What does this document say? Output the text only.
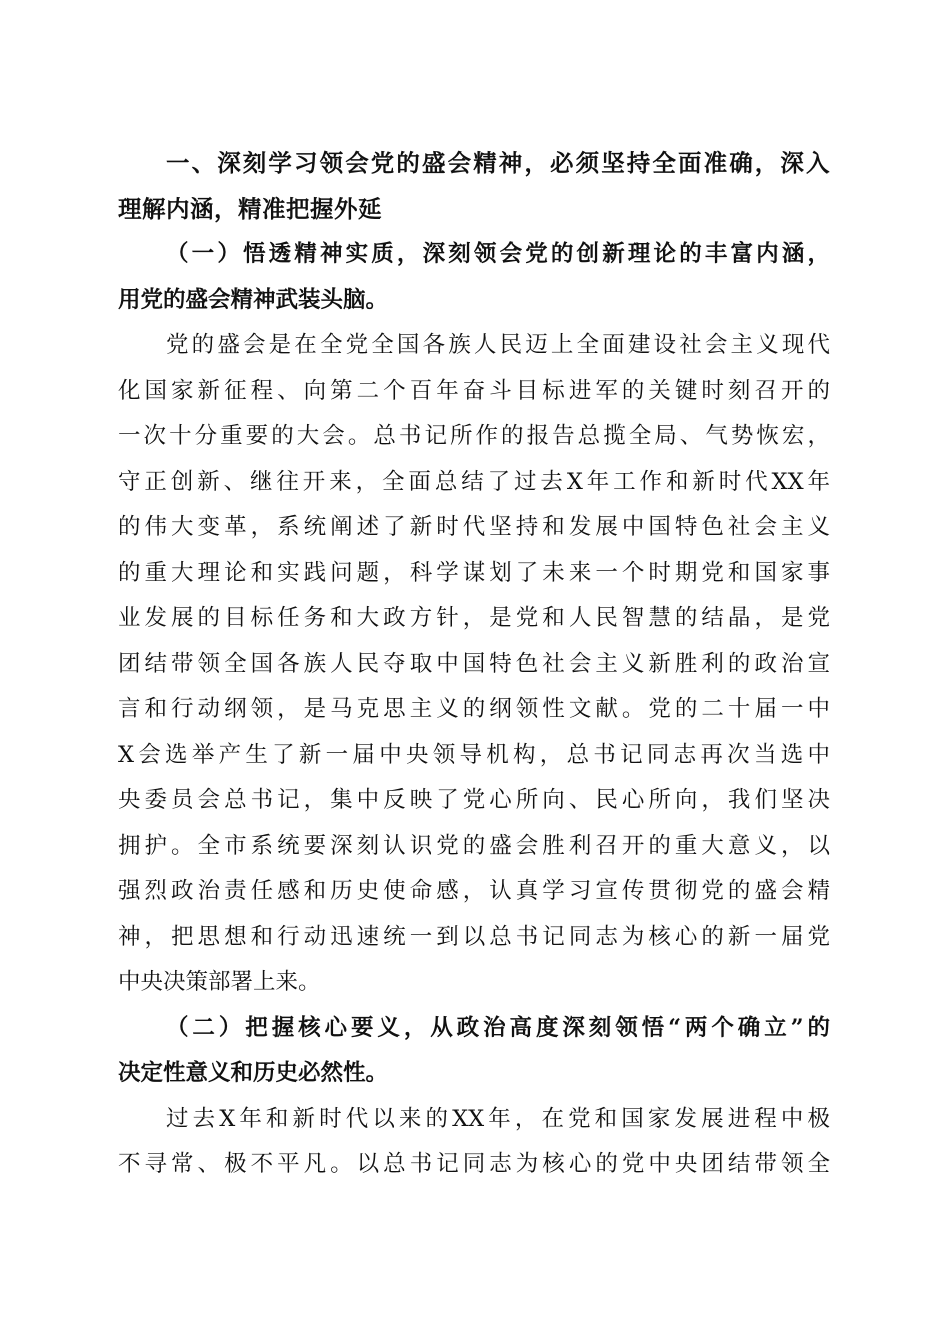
一、深刻学习领会党的盛会精神，必须坚持全面准确，深入
理解内涵，精准把握外延
（一）悟透精神实质，深刻领会党的创新理论的丰富内涵，
用党的盛会精神武装头脑。
党的盛会是在全党全国各族人民迈上全面建设社会主义现代
化国家新征程、向第二个百年奋斗目标进军的关键时刻召开的
一次十分重要的大会。总书记所作的报告总揽全局、气势恢宏，
守正创新、继往开来，全面总结了过去X年工作和新时代XX年
的伟大变革，系统阐述了新时代坚持和发展中国特色社会主义
的重大理论和实践问题，科学谋划了未来一个时期党和国家事
业发展的目标任务和大政方针，是党和人民智慧的结晶，是党
团结带领全国各族人民夺取中国特色社会主义新胜利的政治宣
言和行动纲领，是马克思主义的纲领性文献。党的二十届一中
X会选举产生了新一届中央领导机构，总书记同志再次当选中
央委员会总书记，集中反映了党心所向、民心所向，我们坚决
拥护。全市系统要深刻认识党的盛会胜利召开的重大意义，以
强烈政治责任感和历史使命感，认真学习宣传贯彻党的盛会精
神，把思想和行动迅速统一到以总书记同志为核心的新一届党
中央决策部署上来。
（二）把握核心要义，从政治高度深刻领悟“两个确立”的
决定性意义和历史必然性。
过去X年和新时代以来的XX年，在党和国家发展进程中极
不寻常、极不平凡。以总书记同志为核心的党中央团结带领全
